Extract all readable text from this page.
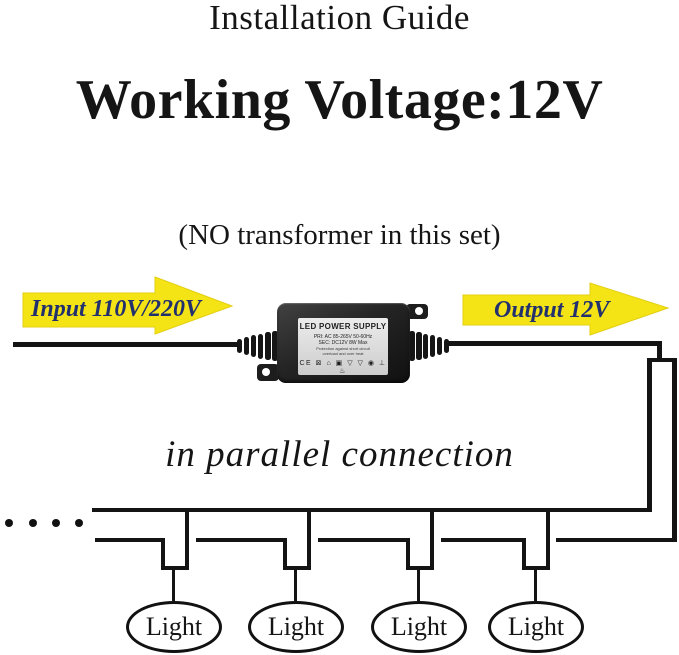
Installation Guide
Working Voltage:12V
(NO transformer in this set)
Input 110V/220V	Output 12V
in parallel connection
Light	Light	Light Light
LED POWER SUPPLY
PRI: AC 85-265V 50-60Hz
SEC: DC12V 8W Max
Protection against short circuit
overload and over heat
CE ⊠ ⌂ ▣ ▽ ▽ ◉ ⊥ ♨
